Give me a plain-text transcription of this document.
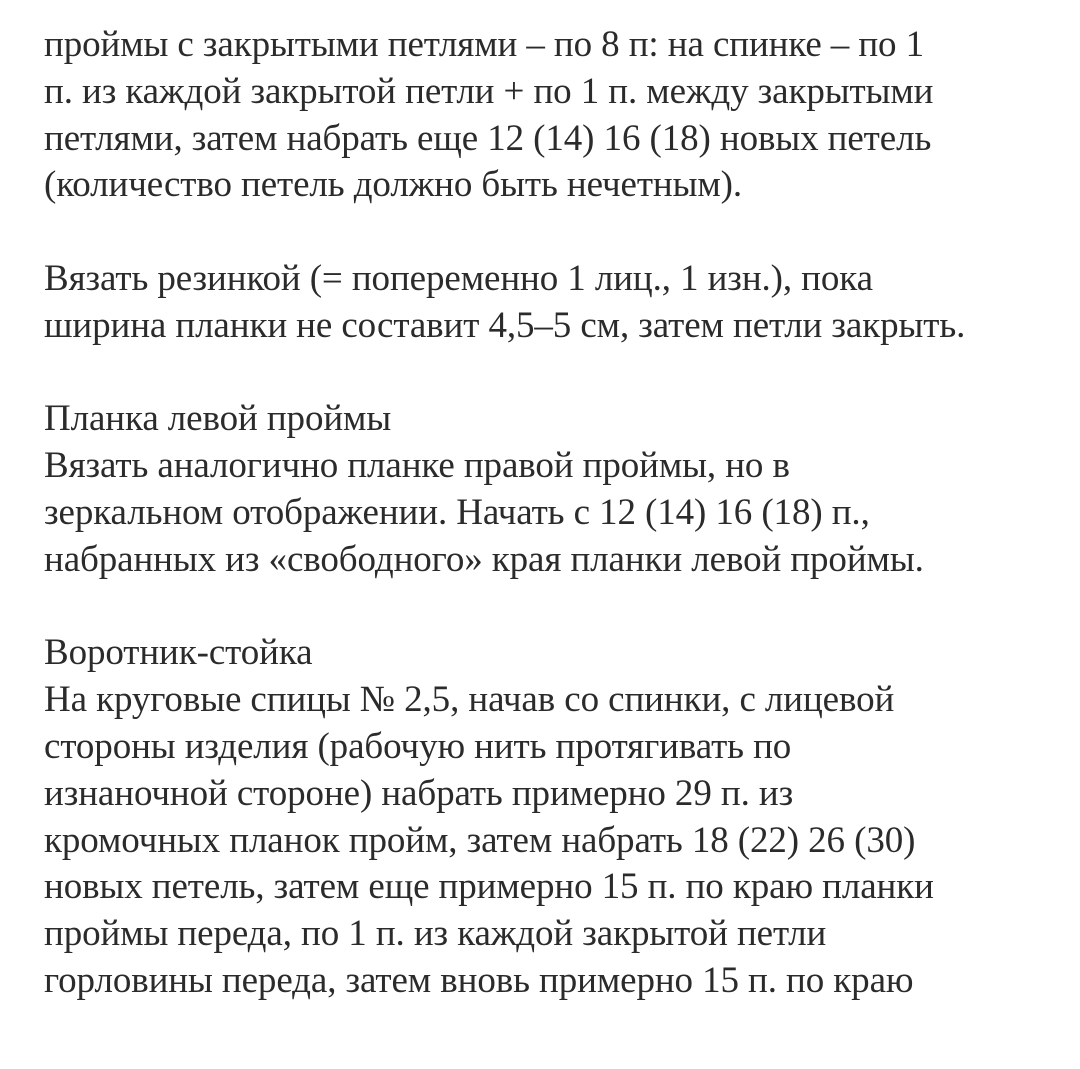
проймы с закрытыми петлями – по 8 п: на спинке – по 1
п. из каждой закрытой петли + по 1 п. между закрытыми
петлями, затем набрать еще 12 (14) 16 (18) новых петель
(количество петель должно быть нечетным).
Вязать резинкой (= попеременно 1 лиц., 1 изн.), пока
ширина планки не составит 4,5–5 см, затем петли закрыть.
Планка левой проймы
Вязать аналогично планке правой проймы, но в
зеркальном отображении. Начать с 12 (14) 16 (18) п.,
набранных из «свободного» края планки левой проймы.
Воротник-стойка
На круговые спицы № 2,5, начав со спинки, с лицевой
стороны изделия (рабочую нить протягивать по
изнаночной стороне) набрать примерно 29 п. из
кромочных планок пройм, затем набрать 18 (22) 26 (30)
новых петель, затем еще примерно 15 п. по краю планки
проймы переда, по 1 п. из каждой закрытой петли
горловины переда, затем вновь примерно 15 п. по краю
